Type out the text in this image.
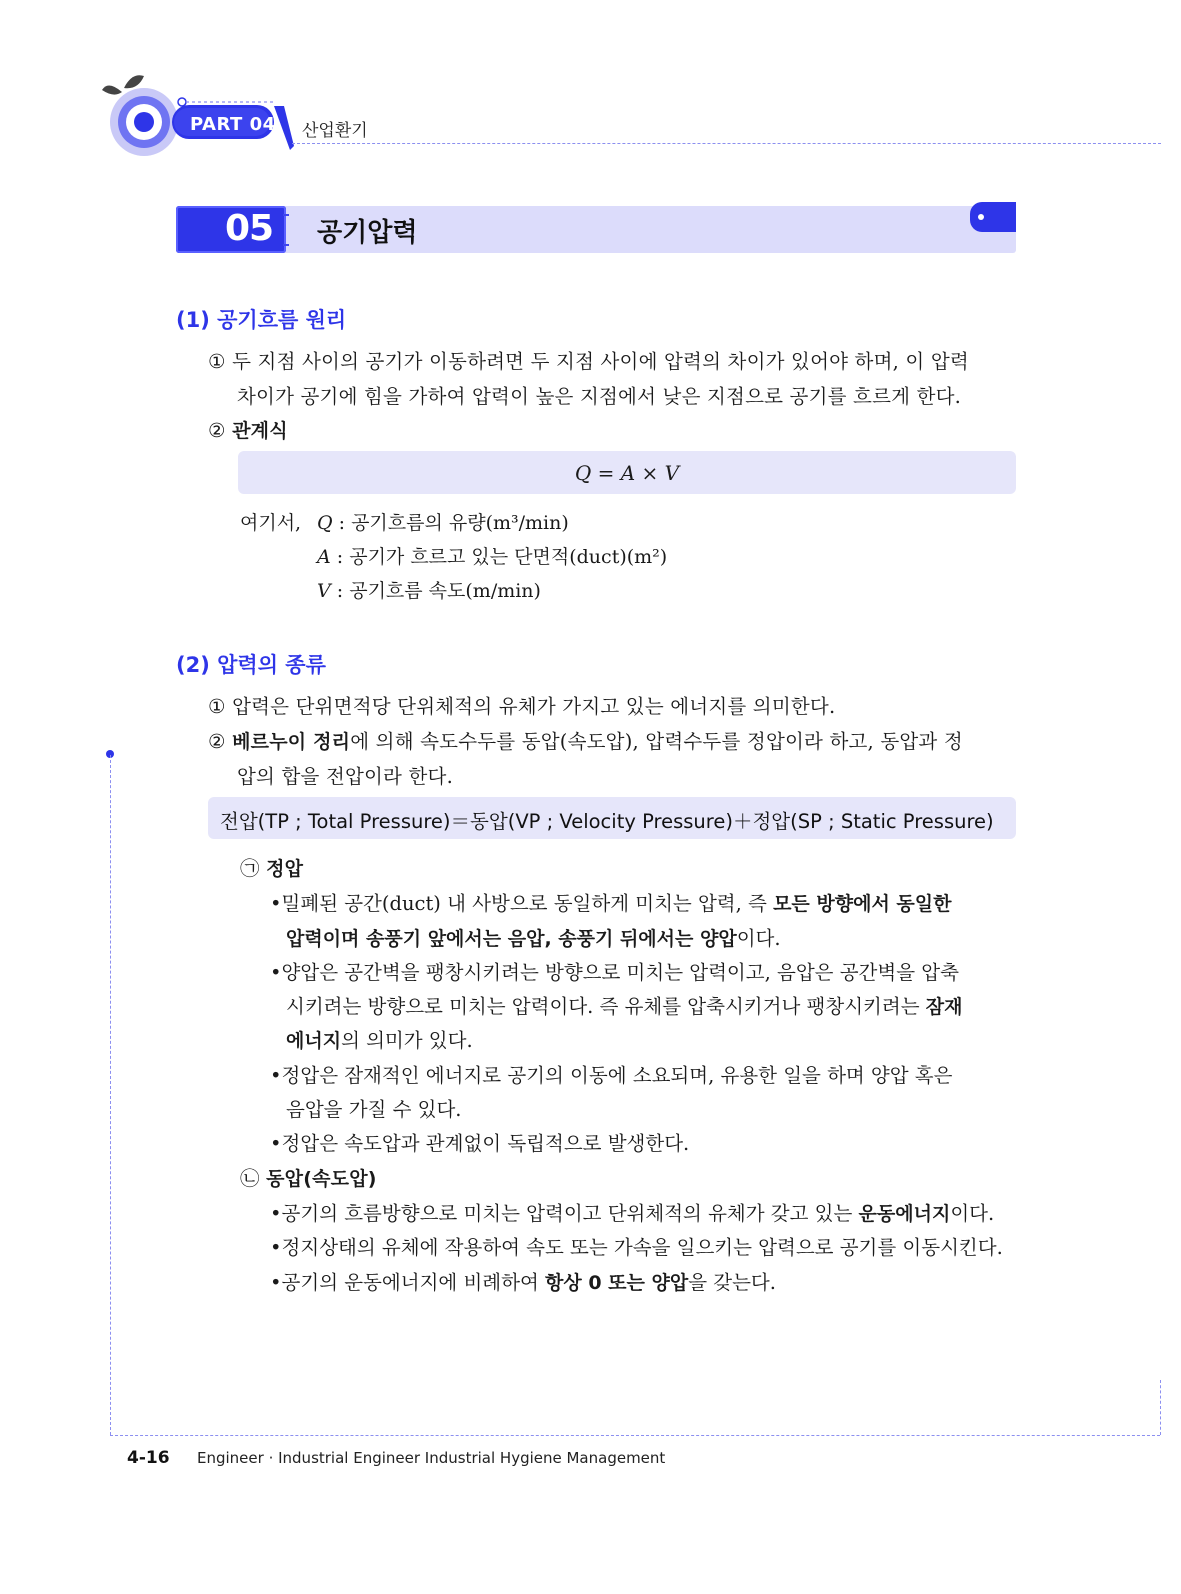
PART 04 산업환기
05 공기압력
(1) 공기흐름 원리
① 두 지점 사이의 공기가 이동하려면 두 지점 사이에 압력의 차이가 있어야 하며, 이 압력
차이가 공기에 힘을 가하여 압력이 높은 지점에서 낮은 지점으로 공기를 흐르게 한다.
② 관계식
Q = A × V
여기서, Q : 공기흐름의 유량(m³/min)
A : 공기가 흐르고 있는 단면적(duct)(m²)
V : 공기흐름 속도(m/min)
(2) 압력의 종류
① 압력은 단위면적당 단위체적의 유체가 가지고 있는 에너지를 의미한다.
② 베르누이 정리에 의해 속도수두를 동압(속도압), 압력수두를 정압이라 하고, 동압과 정
압의 합을 전압이라 한다.
전압(TP ; Total Pressure)＝동압(VP ; Velocity Pressure)＋정압(SP ; Static Pressure)
㉠ 정압
•밀폐된 공간(duct) 내 사방으로 동일하게 미치는 압력, 즉 모든 방향에서 동일한
압력이며 송풍기 앞에서는 음압, 송풍기 뒤에서는 양압이다.
•양압은 공간벽을 팽창시키려는 방향으로 미치는 압력이고, 음압은 공간벽을 압축
시키려는 방향으로 미치는 압력이다. 즉 유체를 압축시키거나 팽창시키려는 잠재
에너지의 의미가 있다.
•정압은 잠재적인 에너지로 공기의 이동에 소요되며, 유용한 일을 하며 양압 혹은
음압을 가질 수 있다.
•정압은 속도압과 관계없이 독립적으로 발생한다.
㉡ 동압(속도압)
•공기의 흐름방향으로 미치는 압력이고 단위체적의 유체가 갖고 있는 운동에너지이다.
•정지상태의 유체에 작용하여 속도 또는 가속을 일으키는 압력으로 공기를 이동시킨다.
•공기의 운동에너지에 비례하여 항상 0 또는 양압을 갖는다.
4-16 Engineer · Industrial Engineer Industrial Hygiene Management
